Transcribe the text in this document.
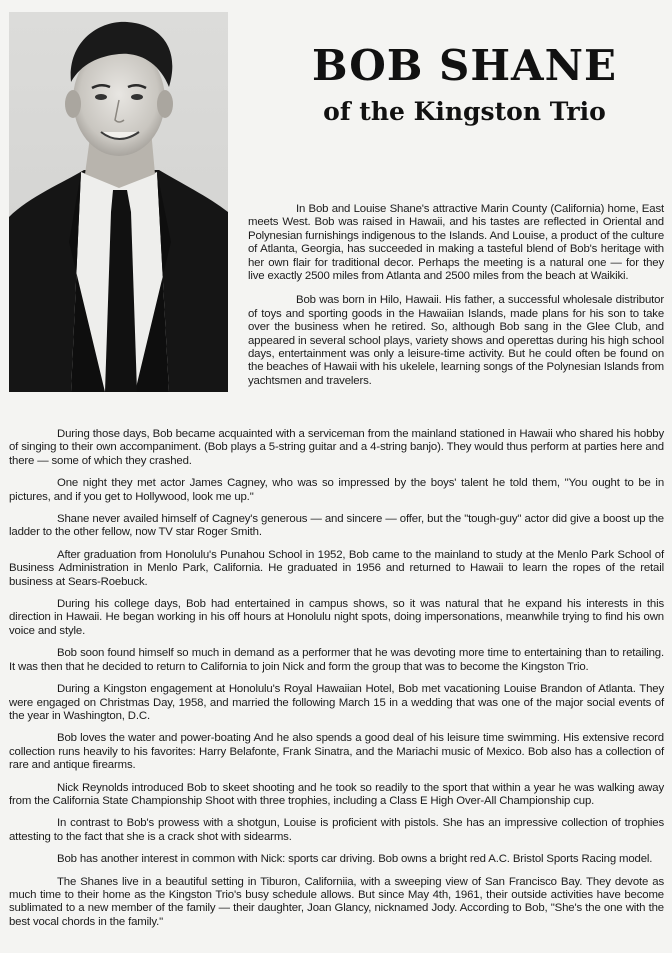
BOB SHANE
of the Kingston Trio

In Bob and Louise Shane's attractive Marin County (California) home, East meets West. Bob was raised in Hawaii, and his tastes are reflected in Oriental and Polynesian furnishings indigenous to the Islands. And Louise, a product of the culture of Atlanta, Georgia, has succeeded in making a tasteful blend of Bob's heritage with her own flair for traditional decor. Perhaps the meeting is a natural one — for they live exactly 2500 miles from Atlanta and 2500 miles from the beach at Waikiki.

Bob was born in Hilo, Hawaii. His father, a successful wholesale distributor of toys and sporting goods in the Hawaiian Islands, made plans for his son to take over the business when he retired. So, although Bob sang in the Glee Club, and appeared in several school plays, variety shows and operettas during his high school days, entertainment was only a leisure-time activity. But he could often be found on the beaches of Hawaii with his ukelele, learning songs of the Polynesian Islands from yachtsmen and travelers.

During those days, Bob became acquainted with a serviceman from the mainland stationed in Hawaii who shared his hobby of singing to their own accompaniment. (Bob plays a 5-string guitar and a 4-string banjo). They would thus perform at parties here and there — some of which they crashed.

One night they met actor James Cagney, who was so impressed by the boys' talent he told them, "You ought to be in pictures, and if you get to Hollywood, look me up."

Shane never availed himself of Cagney's generous — and sincere — offer, but the "tough-guy" actor did give a boost up the ladder to the other fellow, now TV star Roger Smith.

After graduation from Honolulu's Punahou School in 1952, Bob came to the mainland to study at the Menlo Park School of Business Administration in Menlo Park, California. He graduated in 1956 and returned to Hawaii to learn the ropes of the retail business at Sears-Roebuck.

During his college days, Bob had entertained in campus shows, so it was natural that he expand his interests in this direction in Hawaii. He began working in his off hours at Honolulu night spots, doing impersonations, meanwhile trying to find his own voice and style.

Bob soon found himself so much in demand as a performer that he was devoting more time to entertaining than to retailing. It was then that he decided to return to California to join Nick and form the group that was to become the Kingston Trio.

During a Kingston engagement at Honolulu's Royal Hawaiian Hotel, Bob met vacationing Louise Brandon of Atlanta. They were engaged on Christmas Day, 1958, and married the following March 15 in a wedding that was one of the major social events of the year in Washington, D.C.

Bob loves the water and power-boating And he also spends a good deal of his leisure time swimming. His extensive record collection runs heavily to his favorites: Harry Belafonte, Frank Sinatra, and the Mariachi music of Mexico. Bob also has a collection of rare and antique firearms.

Nick Reynolds introduced Bob to skeet shooting and he took so readily to the sport that within a year he was walking away from the California State Championship Shoot with three trophies, including a Class E High Over-All Championship cup.

In contrast to Bob's prowess with a shotgun, Louise is proficient with pistols. She has an impressive collection of trophies attesting to the fact that she is a crack shot with sidearms.

Bob has another interest in common with Nick: sports car driving. Bob owns a bright red A.C. Bristol Sports Racing model.

The Shanes live in a beautiful setting in Tiburon, Californiia, with a sweeping view of San Francisco Bay. They devote as much time to their home as the Kingston Trio's busy schedule allows. But since May 4th, 1961, their outside activities have become sublimated to a new member of the family — their daughter, Joan Glancy, nicknamed Jody. According to Bob, "She's the one with the best vocal chords in the family."
